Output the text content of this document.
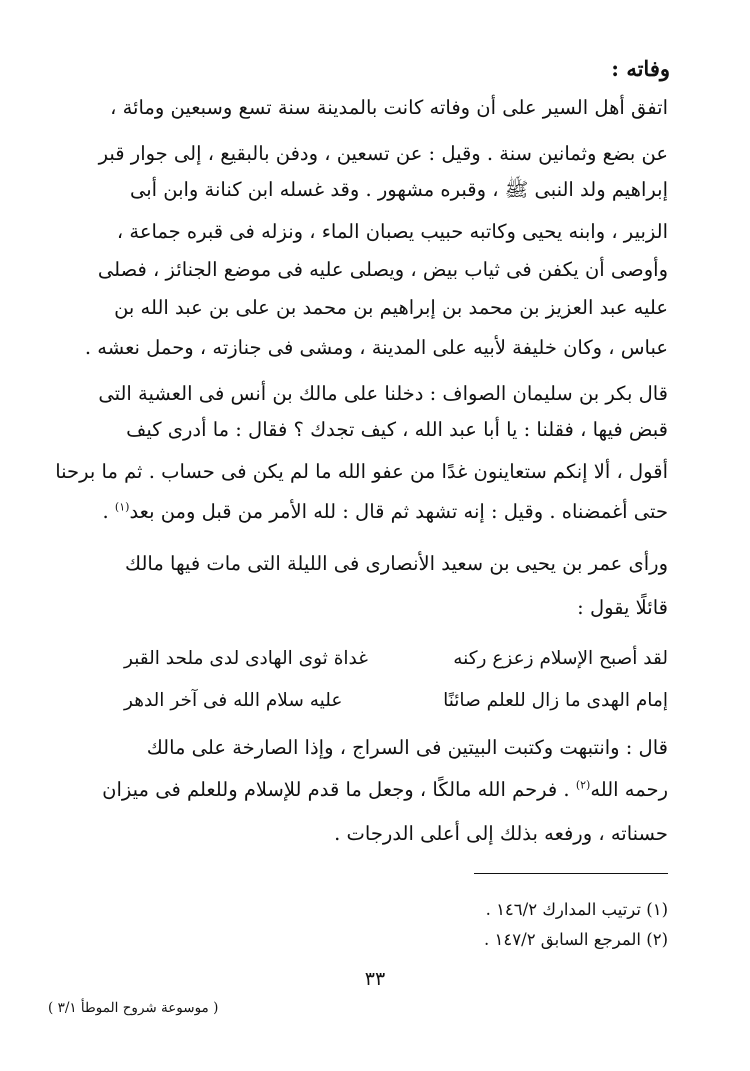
وفاته :
اتفق أهل السير على أن وفاته كانت بالمدينة سنة تسع وسبعين ومائة ،
عن بضع وثمانين سنة . وقيل : عن تسعين ، ودفن بالبقيع ، إلى جوار قبر
إبراهيم ولد النبى ﷺ ، وقبره مشهور . وقد غسله ابن كنانة وابن أبى
الزبير ، وابنه يحيى وكاتبه حبيب يصبان الماء ، ونزله فى قبره جماعة ،
وأوصى أن يكفن فى ثياب بيض ، ويصلى عليه فى موضع الجنائز ، فصلى
عليه عبد العزيز بن محمد بن إبراهيم بن محمد بن على بن عبد الله بن
عباس ، وكان خليفة لأبيه على المدينة ، ومشى فى جنازته ، وحمل نعشه .
قال بكر بن سليمان الصواف : دخلنا على مالك بن أنس فى العشية التى
قبض فيها ، فقلنا : يا أبا عبد الله ، كيف تجدك ؟ فقال : ما أدرى كيف
أقول ، ألا إنكم ستعاينون غدًا من عفو الله ما لم يكن فى حساب . ثم ما برحنا
حتى أغمضناه . وقيل : إنه تشهد ثم قال : لله الأمر من قبل ومن بعد$^{(١)}$ .
ورأى عمر بن يحيى بن سعيد الأنصارى فى الليلة التى مات فيها مالك
قائلًا يقول :
لقد أصبح الإسلام زعزع ركنه
غداة ثوى الهادى لدى ملحد القبر
إمام الهدى ما زال للعلم صائنًا
عليه سلام الله فى آخر الدهر
قال : وانتبهت وكتبت البيتين فى السراج ، وإذا الصارخة على مالك
رحمه الله$^{(٢)}$ . فرحم الله مالكًا ، وجعل ما قدم للإسلام وللعلم فى ميزان
حسناته ، ورفعه بذلك إلى أعلى الدرجات .
(١) ترتيب المدارك ١٤٦/٢ .
(٢) المرجع السابق ١٤٧/٢ .
٣٣
( موسوعة شروح الموطأ ٣/١ )
